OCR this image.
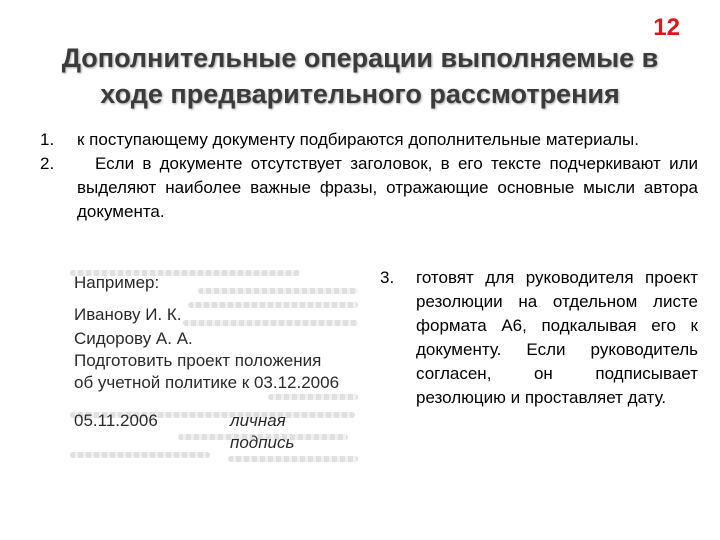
12
Дополнительные операции выполняемые в
ходе предварительного рассмотрения
1.	к поступающему документу подбираются дополнительные материалы.
2.	Если в документе отсутствует заголовок, в его тексте подчеркивают или выделяют наиболее важные фразы, отражающие основные мысли автора документа.
Например:
Иванову И. К.
Сидорову А. А.
Подготовить проект положения
об учетной политике к 03.12.2006
05.11.2006	личная
подпись
3.	готовят для руководителя проект резолюции на отдельном листе формата А6, подкалывая его к документу. Если руководитель согласен, он подписывает резолюцию и проставляет дату.
